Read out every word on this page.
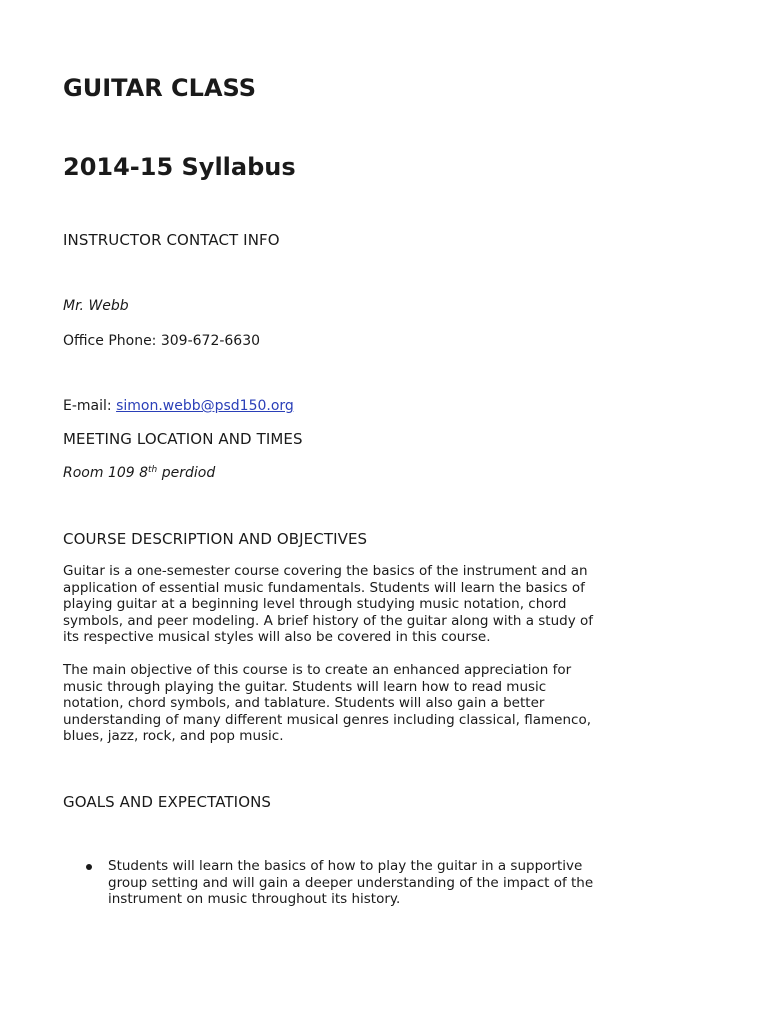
GUITAR CLASS
2014-15 Syllabus
INSTRUCTOR CONTACT INFO
Mr. Webb
Office Phone: 309-672-6630
E-mail: simon.webb@psd150.org
MEETING LOCATION AND TIMES
Room 109 8th perdiod
COURSE DESCRIPTION AND OBJECTIVES
Guitar is a one-semester course covering the basics of the instrument and an
application of essential music fundamentals. Students will learn the basics of
playing guitar at a beginning level through studying music notation, chord
symbols, and peer modeling. A brief history of the guitar along with a study of
its respective musical styles will also be covered in this course.
The main objective of this course is to create an enhanced appreciation for
music through playing the guitar. Students will learn how to read music
notation, chord symbols, and tablature. Students will also gain a better
understanding of many different musical genres including classical, flamenco,
blues, jazz, rock, and pop music.
GOALS AND EXPECTATIONS
Students will learn the basics of how to play the guitar in a supportive
group setting and will gain a deeper understanding of the impact of the
instrument on music throughout its history.
